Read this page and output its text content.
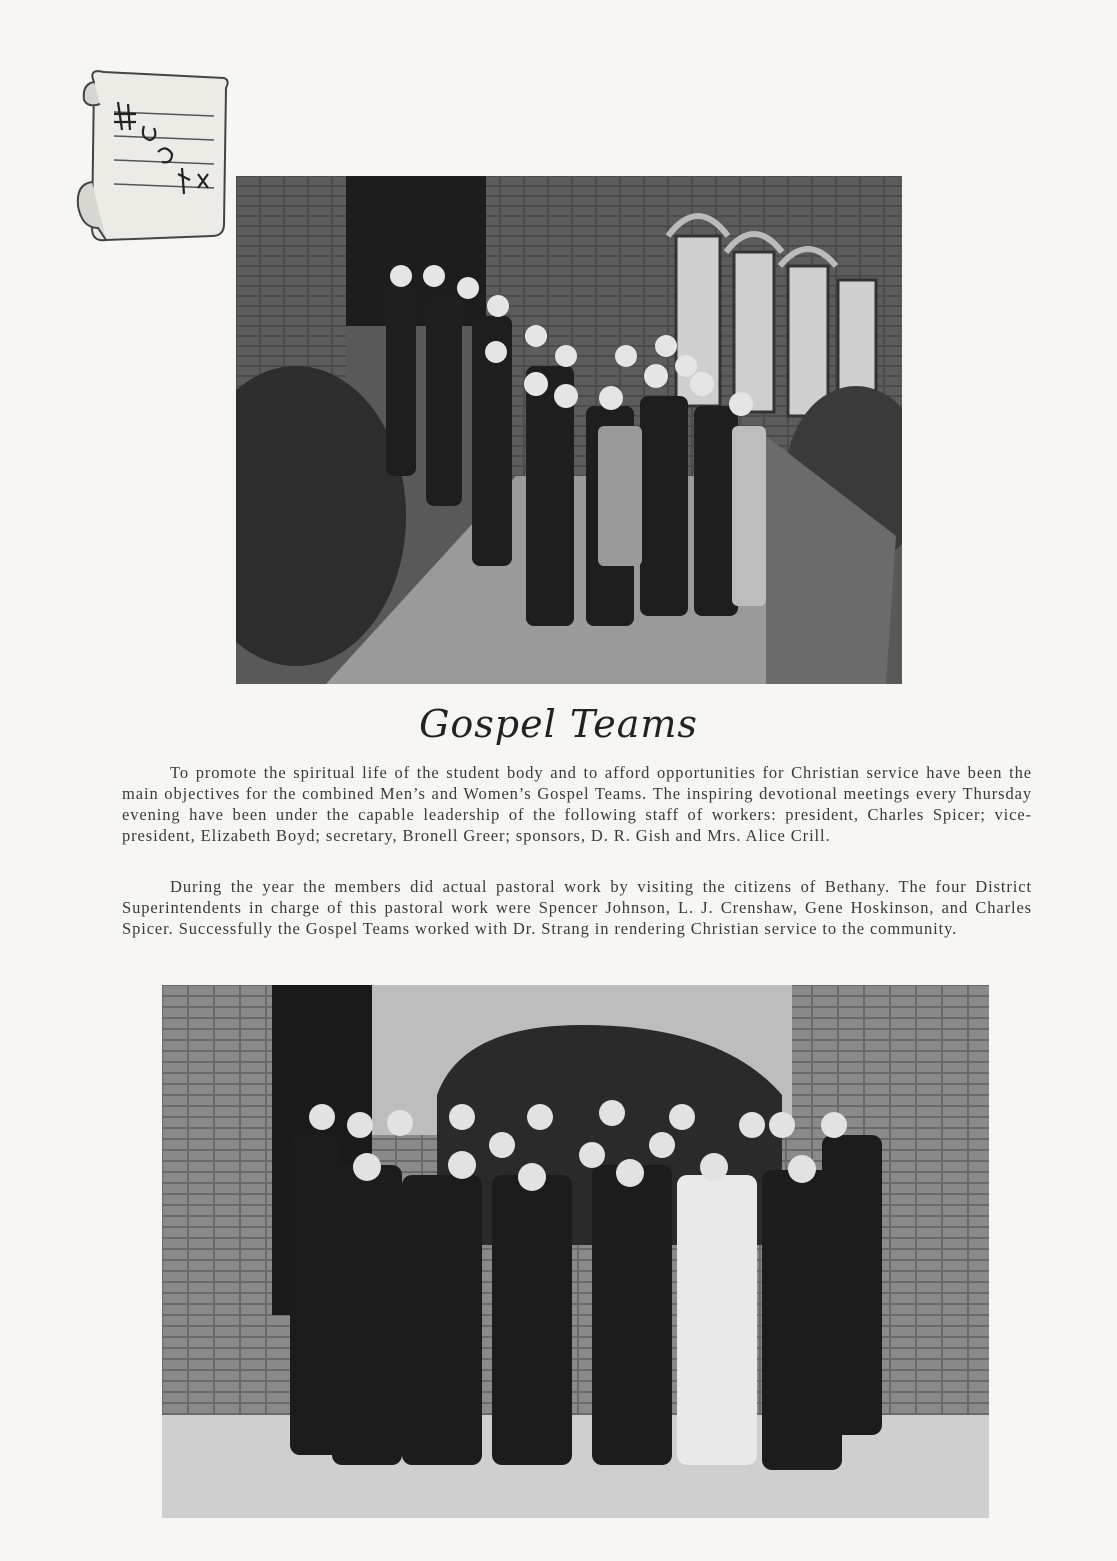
Gospel Teams

To promote the spiritual life of the student body and to afford opportunities for Christian service have been the main objectives for the combined Men’s and Women’s Gospel Teams. The inspiring devotional meetings every Thursday evening have been under the capable leadership of the following staff of workers: president, Charles Spicer; vice-president, Elizabeth Boyd; secretary, Bronell Greer; sponsors, D. R. Gish and Mrs. Alice Crill.

During the year the members did actual pastoral work by visiting the citizens of Bethany. The four District Superintendents in charge of this pastoral work were Spencer Johnson, L. J. Crenshaw, Gene Hoskinson, and Charles Spicer. Successfully the Gospel Teams worked with Dr. Strang in rendering Christian service to the community.
